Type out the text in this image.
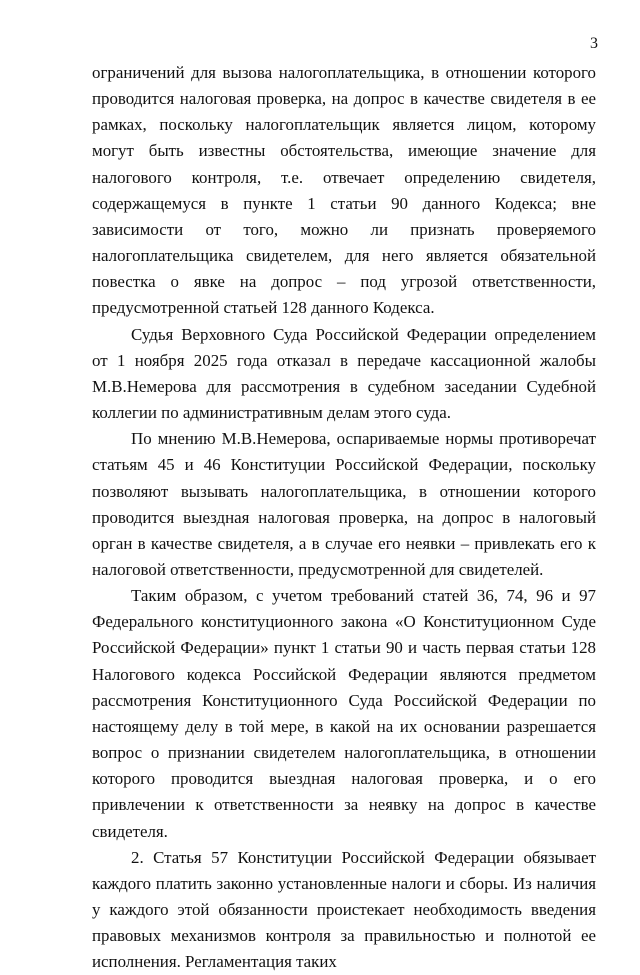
3

ограничений для вызова налогоплательщика, в отношении которого проводится налоговая проверка, на допрос в качестве свидетеля в ее рамках, поскольку налогоплательщик является лицом, которому могут быть известны обстоятельства, имеющие значение для налогового контроля, т.е. отвечает определению свидетеля, содержащемуся в пункте 1 статьи 90 данного Кодекса; вне зависимости от того, можно ли признать проверяемого налогоплательщика свидетелем, для него является обязательной повестка о явке на допрос – под угрозой ответственности, предусмотренной статьей 128 данного Кодекса.

Судья Верховного Суда Российской Федерации определением от 1 ноября 2025 года отказал в передаче кассационной жалобы М.В.Немерова для рассмотрения в судебном заседании Судебной коллегии по административным делам этого суда.

По мнению М.В.Немерова, оспариваемые нормы противоречат статьям 45 и 46 Конституции Российской Федерации, поскольку позволяют вызывать налогоплательщика, в отношении которого проводится выездная налоговая проверка, на допрос в налоговый орган в качестве свидетеля, а в случае его неявки – привлекать его к налоговой ответственности, предусмотренной для свидетелей.

Таким образом, с учетом требований статей 36, 74, 96 и 97 Федерального конституционного закона «О Конституционном Суде Российской Федерации» пункт 1 статьи 90 и часть первая статьи 128 Налогового кодекса Российской Федерации являются предметом рассмотрения Конституционного Суда Российской Федерации по настоящему делу в той мере, в какой на их основании разрешается вопрос о признании свидетелем налогоплательщика, в отношении которого проводится выездная налоговая проверка, и о его привлечении к ответственности за неявку на допрос в качестве свидетеля.

2. Статья 57 Конституции Российской Федерации обязывает каждого платить законно установленные налоги и сборы. Из наличия у каждого этой обязанности проистекает необходимость введения правовых механизмов контроля за правильностью и полнотой ее исполнения. Регламентация таких
